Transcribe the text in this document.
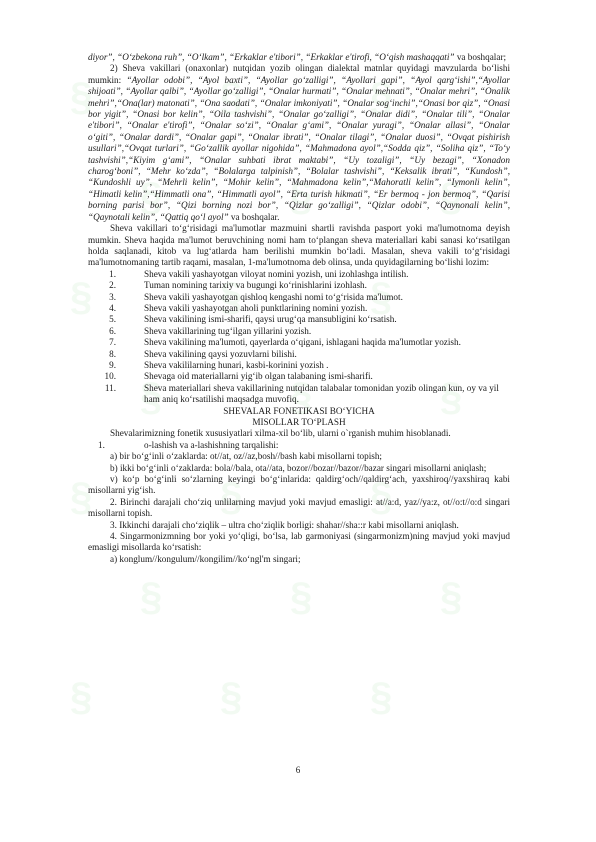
§	§	§
§	§	§
§	§	§
§	§	§
§	§	§
§	§	§
§	§	§

diyor”, “O‘zbekona ruh”, “O‘lkam”, “Erkaklar e'tibori”, “Erkaklar e'tirofi, “O‘qish mashaqqati” va boshqalar;

2) Sheva vakillari (onaxonlar) nutqidan yozib olingan dialektal matnlar quyidagi mavzularda bo‘lishi mumkin: “Ayollar odobi”, “Ayol baxti”, “Ayollar go‘zalligi”, “Ayollari gapi”, “Ayol qarg‘ishi”,“Ayollar shijoati”, “Ayollar qalbi”, “Ayollar go‘zalligi”, “Onalar hurmati”, “Onalar mehnati”, “Onalar mehri”, “Onalik mehri”,“Ona(lar) matonati”, “Ona saodati”, “Onalar imkoniyati”, “Onalar sog‘inchi”,“Onasi bor qiz”, “Onasi bor yigit”, “Onasi bor kelin”, “Oila tashvishi”, “Onalar go‘zalligi”, “Onalar didi”, “Onalar tili”, “Onalar e'tibori”, “Onalar e'tirofi”, “Onalar so‘zi”, “Onalar g‘ami”, “Onalar yuragi”, “Onalar allasi”, “Onalar o‘giti”, “Onalar dardi”, “Onalar gapi”, “Onalar ibrati”, “Onalar tilagi”, “Onalar duosi”, “Ovqat pishirish usullari”,“Ovqat turlari”, “Go‘zallik ayollar nigohida”, “Mahmadona ayol”,“Sodda qiz”, “Soliha qiz”, “To‘y tashvishi”,“Kiyim g‘ami”, “Onalar suhbati ibrat maktabi”, “Uy tozaligi”, “Uy bezagi”, “Xonadon charog‘boni”, “Mehr ko‘zda”, “Bolalarga talpinish”, “Bolalar tashvishi”, “Keksalik ibrati”, “Kundosh”, “Kundoshli uy”, “Mehrli kelin”, “Mohir kelin”, “Mahmadona kelin”,“Mahoratli kelin”, “Iymonli kelin”, “Himatli kelin”,“Himmatli ona”, “Himmatli ayol”, “Erta turish hikmati”, “Er bermoq - jon bermoq”, “Qarisi borning parisi bor”, “Qizi borning nozi bor”, “Qizlar go‘zalligi”, “Qizlar odobi”, “Qaynonali kelin”, “Qaynotali kelin”, “Qattiq qo‘l ayol” va boshqalar.

Sheva vakillari to‘g‘risidagi ma'lumotlar mazmuini shartli ravishda pasport yoki ma'lumotnoma deyish mumkin. Sheva haqida ma'lumot beruvchining nomi ham to‘plangan sheva materiallari kabi sanasi ko‘rsatilgan holda saqlanadi, kitob va lug‘atlarda ham berilishi mumkin bo‘ladi. Masalan, sheva vakili to‘g‘risidagi ma'lumotnomaning tartib raqami, masalan, 1-ma'lumotnoma deb olinsa, unda quyidagilarning bo‘lishi lozim:

1.	Sheva vakili yashayotgan viloyat nomini yozish, uni izohlashga intilish.
2.	Tuman nomining tarixiy va bugungi ko‘rinishlarini izohlash.
3.	Sheva vakili yashayotgan qishloq kengashi nomi to‘g‘risida ma'lumot.
4.	Sheva vakili yashayotgan aholi punktlarining nomini yozish.
5.	Sheva vakilining ismi-sharifi, qaysi urug‘qa mansubligini ko‘rsatish.
6.	Sheva vakillarining tug‘ilgan yillarini yozish.
7.	Sheva vakilining ma'lumoti, qayerlarda o‘qigani, ishlagani haqida ma'lumotlar yozish.
8.	Sheva vakilining qaysi yozuvlarni bilishi.
9.	Sheva vakililarning hunari, kasbi-korinini yozish .
10.	Shevaga oid materiallarni yig‘ib olgan talabaning ismi-sharifi.
11.	Sheva materiallari sheva vakillarining nutqidan talabalar tomonidan yozib olingan kun, oy va yil ham aniq ko‘rsatilishi maqsadga muvofiq.

SHEVALAR FONETIKASI BO‘YICHA

MISOLLAR TO‘PLASH

Shevalarimizning fonetik xususiyatlari xilma-xil bo‘lib, ularni o`rganish muhim hisoblanadi.

1.	o-lashish va a-lashishning tarqalishi:

a) bir bo‘g‘inli o‘zaklarda: ot//at, oz//az,bosh//bash kabi misollarni topish;

b) ikki bo‘g‘inli o‘zaklarda: bola//bala, ota//ata, bozor//bozar//bazor//bazar singari misollarni aniqlash;

v) ko‘p bo‘g‘inli so‘zlarning keyingi bo‘g‘inlarida: qaldirg‘och//qaldirg‘ach, yaxshiroq//yaxshiraq kabi misollarni yig‘ish.

2. Birinchi darajali cho‘ziq unlilarning mavjud yoki mavjud emasligi: at//a:d, yaz//ya:z, ot//o:t//o:d singari misollarni topish.

3. Ikkinchi darajali cho‘ziqlik – ultra cho‘ziqlik borligi: shahar//sha::r kabi misollarni aniqlash.

4. Singarmonizmning bor yoki yo‘qligi, bo‘lsa, lab garmoniyasi (singarmonizm)ning mavjud yoki mavjud emasligi misollarda ko‘rsatish:

a) konglum//kongulum//kongilim//ko‘ngl'm singari;

6
